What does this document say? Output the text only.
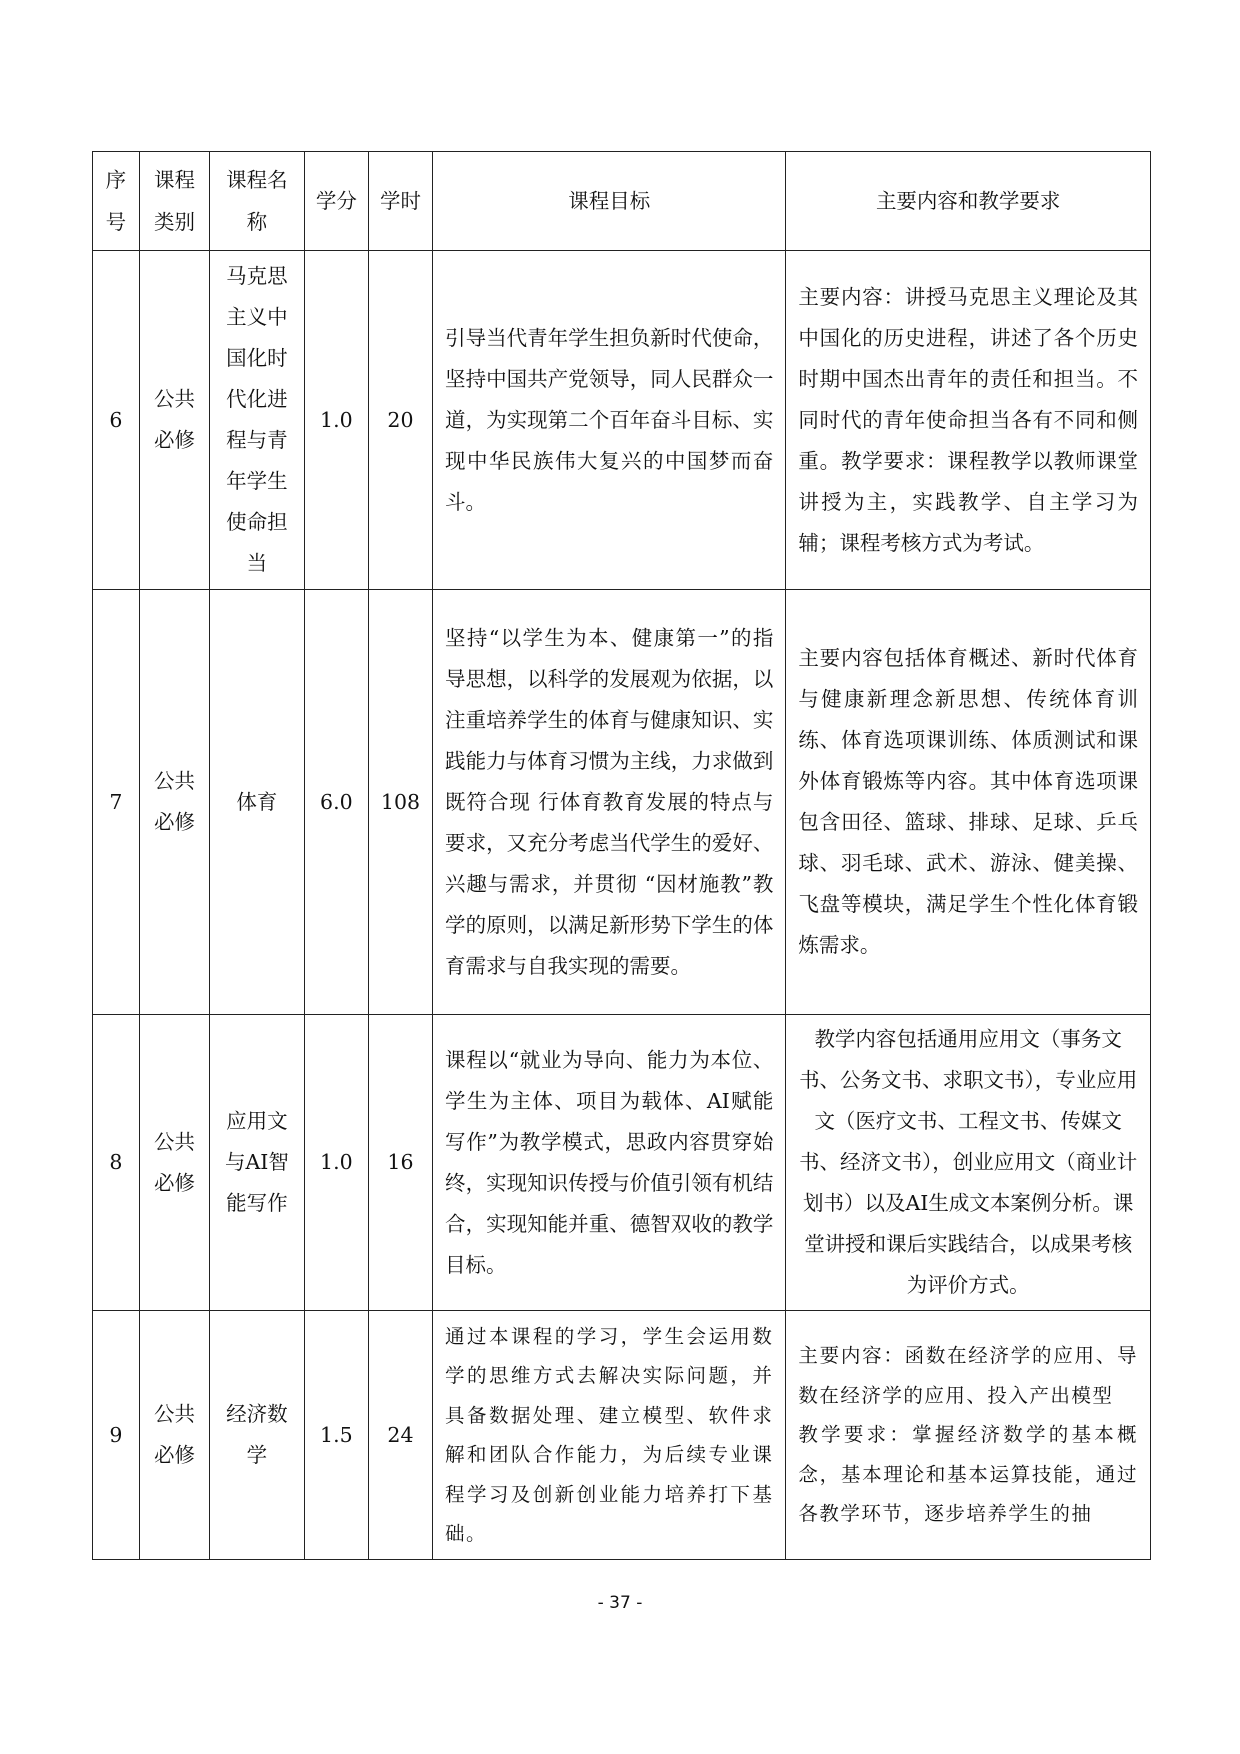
序号	课程类别	课程名称	学分	学时	课程目标	主要内容和教学要求
6	公共必修	马克思主义中国化时代化进程与青年学生使命担当	1.0	20	引导当代青年学生担负新时代使命，坚持中国共产党领导，同人民群众一道，为实现第二个百年奋斗目标、实现中华民族伟大复兴的中国梦而奋斗。	主要内容：讲授马克思主义理论及其中国化的历史进程，讲述了各个历史时期中国杰出青年的责任和担当。不同时代的青年使命担当各有不同和侧重。教学要求：课程教学以教师课堂讲授为主，实践教学、自主学习为辅；课程考核方式为考试。
7	公共必修	体育	6.0	108	坚持“以学生为本、健康第一”的指导思想，以科学的发展观为依据，以注重培养学生的体育与健康知识、实践能力与体育习惯为主线，力求做到既符合现 行体育教育发展的特点与要求，又充分考虑当代学生的爱好、兴趣与需求，并贯彻 “因材施教”教学的原则，以满足新形势下学生的体育需求与自我实现的需要。	主要内容包括体育概述、新时代体育与健康新理念新思想、传统体育训练、体育选项课训练、体质测试和课外体育锻炼等内容。其中体育选项课包含田径、篮球、排球、足球、乒乓球、羽毛球、武术、游泳、健美操、飞盘等模块，满足学生个性化体育锻炼需求。
8	公共必修	应用文与AI智能写作	1.0	16	课程以“就业为导向、能力为本位、学生为主体、项目为载体、AI赋能写作”为教学模式，思政内容贯穿始终，实现知识传授与价值引领有机结合，实现知能并重、德智双收的教学目标。	教学内容包括通用应用文（事务文书、公务文书、求职文书），专业应用文（医疗文书、工程文书、传媒文书、经济文书），创业应用文（商业计划书）以及AI生成文本案例分析。课堂讲授和课后实践结合，以成果考核为评价方式。
9	公共必修	经济数学	1.5	24	通过本课程的学习，学生会运用数学的思维方式去解决实际问题，并具备数据处理、建立模型、软件求解和团队合作能力，为后续专业课程学习及创新创业能力培养打下基础。	主要内容：函数在经济学的应用、导数在经济学的应用、投入产出模型
教学要求：掌握经济数学的基本概念，基本理论和基本运算技能，通过各教学环节，逐步培养学生的抽
- 37 -
